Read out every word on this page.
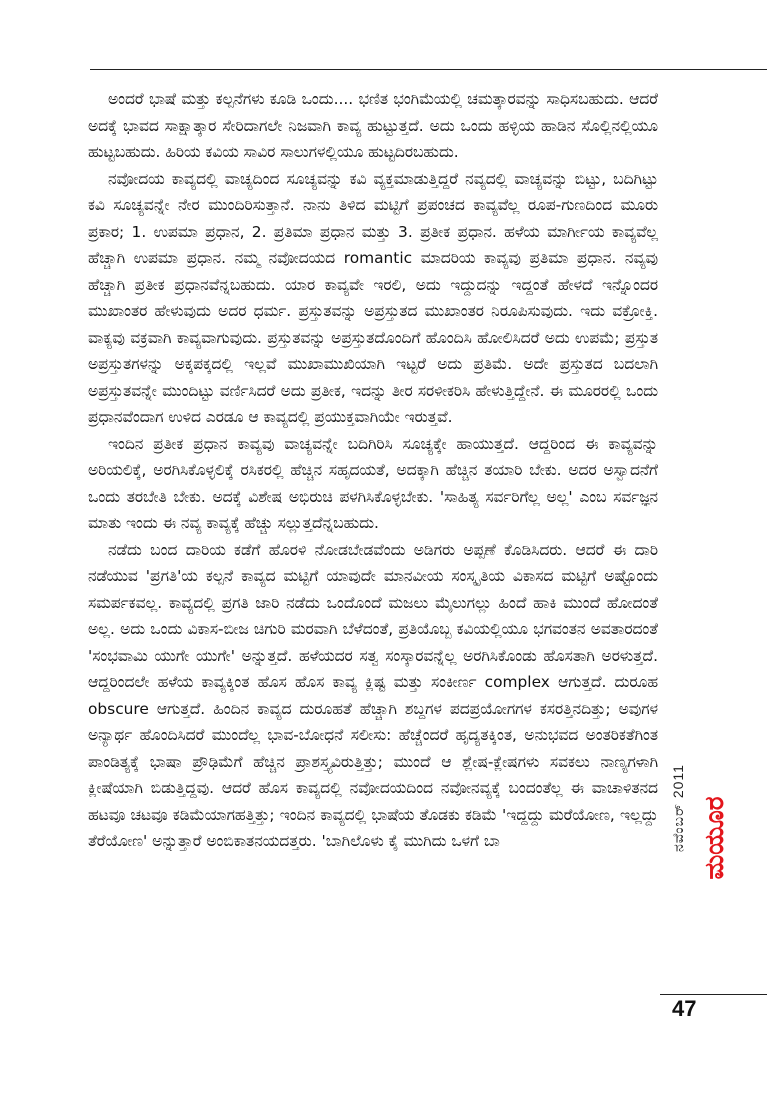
ಅಂದರೆ ಭಾಷೆ ಮತ್ತು ಕಲ್ಪನೆಗಳು ಕೂಡಿ ಒಂದು.... ಭಣಿತ ಭಂಗಿಮೆಯಲ್ಲಿ ಚಮತ್ಕಾರವನ್ನು ಸಾಧಿಸಬಹುದು. ಆದರೆ ಅದಕ್ಕೆ ಭಾವದ ಸಾಕ್ಷಾತ್ಕಾರ ಸೇರಿದಾಗಲೇ ನಿಜವಾಗಿ ಕಾವ್ಯ ಹುಟ್ಟುತ್ತದೆ. ಅದು ಒಂದು ಹಳ್ಳಿಯ ಹಾಡಿನ ಸೊಲ್ಲಿನಲ್ಲಿಯೂ ಹುಟ್ಟಬಹುದು. ಹಿರಿಯ ಕವಿಯ ಸಾವಿರ ಸಾಲುಗಳಲ್ಲಿಯೂ ಹುಟ್ಟದಿರಬಹುದು.

ನವೋದಯ ಕಾವ್ಯದಲ್ಲಿ ವಾಚ್ಯದಿಂದ ಸೂಚ್ಯವನ್ನು ಕವಿ ವ್ಯಕ್ತಮಾಡುತ್ತಿದ್ದರೆ ನವ್ಯದಲ್ಲಿ ವಾಚ್ಯವನ್ನು ಬಿಟ್ಟು, ಬದಿಗಿಟ್ಟು ಕವಿ ಸೂಚ್ಯವನ್ನೇ ನೇರ ಮುಂದಿರಿಸುತ್ತಾನೆ. ನಾನು ತಿಳಿದ ಮಟ್ಟಿಗೆ ಪ್ರಪಂಚದ ಕಾವ್ಯವೆಲ್ಲ ರೂಪ-ಗುಣದಿಂದ ಮೂರು ಪ್ರಕಾರ; 1. ಉಪಮಾ ಪ್ರಧಾನ, 2. ಪ್ರತಿಮಾ ಪ್ರಧಾನ ಮತ್ತು 3. ಪ್ರತೀಕ ಪ್ರಧಾನ. ಹಳೆಯ ಮಾರ್ಗೀಯ ಕಾವ್ಯವೆಲ್ಲ ಹೆಚ್ಚಾಗಿ ಉಪಮಾ ಪ್ರಧಾನ. ನಮ್ಮ ನವೋದಯದ romantic ಮಾದರಿಯ ಕಾವ್ಯವು ಪ್ರತಿಮಾ ಪ್ರಧಾನ. ನವ್ಯವು ಹೆಚ್ಚಾಗಿ ಪ್ರತೀಕ ಪ್ರಧಾನವೆನ್ನಬಹುದು. ಯಾರ ಕಾವ್ಯವೇ ಇರಲಿ, ಅದು ಇದ್ದುದನ್ನು ಇದ್ದಂತೆ ಹೇಳದೆ ಇನ್ನೊಂದರ ಮುಖಾಂತರ ಹೇಳುವುದು ಅದರ ಧರ್ಮ. ಪ್ರಸ್ತುತವನ್ನು ಅಪ್ರಸ್ತುತದ ಮುಖಾಂತರ ನಿರೂಪಿಸುವುದು. ಇದು ವಕ್ರೋಕ್ತಿ. ವಾಕ್ಯವು ವಕ್ರವಾಗಿ ಕಾವ್ಯವಾಗುವುದು. ಪ್ರಸ್ತುತವನ್ನು ಅಪ್ರಸ್ತುತದೊಂದಿಗೆ ಹೊಂದಿಸಿ ಹೋಲಿಸಿದರೆ ಅದು ಉಪಮೆ; ಪ್ರಸ್ತುತ ಅಪ್ರಸ್ತುತಗಳನ್ನು ಅಕ್ಕಪಕ್ಕದಲ್ಲಿ ಇಲ್ಲವೆ ಮುಖಾಮುಖಿಯಾಗಿ ಇಟ್ಟರೆ ಅದು ಪ್ರತಿಮೆ. ಅದೇ ಪ್ರಸ್ತುತದ ಬದಲಾಗಿ ಅಪ್ರಸ್ತುತವನ್ನೇ ಮುಂದಿಟ್ಟು ವರ್ಣಿಸಿದರೆ ಅದು ಪ್ರತೀಕ, ಇದನ್ನು ತೀರ ಸರಳೀಕರಿಸಿ ಹೇಳುತ್ತಿದ್ದೇನೆ. ಈ ಮೂರರಲ್ಲಿ ಒಂದು ಪ್ರಧಾನವೆಂದಾಗ ಉಳಿದ ಎರಡೂ ಆ ಕಾವ್ಯದಲ್ಲಿ ಪ್ರಯುಕ್ತವಾಗಿಯೇ ಇರುತ್ತವೆ.

ಇಂದಿನ ಪ್ರತೀಕ ಪ್ರಧಾನ ಕಾವ್ಯವು ವಾಚ್ಯವನ್ನೇ ಬದಿಗಿರಿಸಿ ಸೂಚ್ಯಕ್ಕೇ ಹಾಯುತ್ತದೆ. ಆದ್ದರಿಂದ ಈ ಕಾವ್ಯವನ್ನು ಅರಿಯಲಿಕ್ಕೆ, ಅರಗಿಸಿಕೊಳ್ಳಲಿಕ್ಕೆ ರಸಿಕರಲ್ಲಿ ಹೆಚ್ಚಿನ ಸಹೃದಯತೆ, ಅದಕ್ಕಾಗಿ ಹೆಚ್ಚಿನ ತಯಾರಿ ಬೇಕು. ಅದರ ಅಸ್ವಾದನೆಗೆ ಒಂದು ತರಬೇತಿ ಬೇಕು. ಅದಕ್ಕೆ ವಿಶೇಷ ಅಭಿರುಚಿ ಪಳಗಿಸಿಕೊಳ್ಳಬೇಕು. 'ಸಾಹಿತ್ಯ ಸರ್ವರಿಗೆಲ್ಲ ಅಲ್ಲ' ಎಂಬ ಸರ್ವಜ್ಞನ ಮಾತು ಇಂದು ಈ ನವ್ಯ ಕಾವ್ಯಕ್ಕೆ ಹೆಚ್ಚು ಸಲ್ಲುತ್ತದೆನ್ನಬಹುದು.

ನಡೆದು ಬಂದ ದಾರಿಯ ಕಡೆಗೆ ಹೊರಳಿ ನೋಡಬೇಡವೆಂದು ಅಡಿಗರು ಅಪ್ಪಣೆ ಕೊಡಿಸಿದರು. ಆದರೆ ಈ ದಾರಿ ನಡೆಯುವ 'ಪ್ರಗತಿ'ಯ ಕಲ್ಪನೆ ಕಾವ್ಯದ ಮಟ್ಟಿಗೆ ಯಾವುದೇ ಮಾನವೀಯ ಸಂಸ್ಕೃತಿಯ ವಿಕಾಸದ ಮಟ್ಟಿಗೆ ಅಷ್ಟೊಂದು ಸಮರ್ಪಕವಲ್ಲ. ಕಾವ್ಯದಲ್ಲಿ ಪ್ರಗತಿ ಜಾರಿ ನಡೆದು ಒಂದೊಂದೆ ಮಜಲು ಮೈಲುಗಲ್ಲು ಹಿಂದೆ ಹಾಕಿ ಮುಂದೆ ಹೋದಂತೆ ಅಲ್ಲ. ಅದು ಒಂದು ವಿಕಾಸ-ಬೀಜ ಚಿಗುರಿ ಮರವಾಗಿ ಬೆಳೆದಂತೆ, ಪ್ರತಿಯೊಬ್ಬ ಕವಿಯಲ್ಲಿಯೂ ಭಗವಂತನ ಅವತಾರದಂತೆ 'ಸಂಭವಾಮಿ ಯುಗೇ ಯುಗೇ' ಅನ್ನುತ್ತದೆ. ಹಳೆಯದರ ಸತ್ವ ಸಂಸ್ಕಾರವನ್ನೆಲ್ಲ ಅರಗಿಸಿಕೊಂಡು ಹೊಸತಾಗಿ ಅರಳುತ್ತದೆ. ಆದ್ದರಿಂದಲೇ ಹಳೆಯ ಕಾವ್ಯಕ್ಕಿಂತ ಹೊಸ ಹೊಸ ಕಾವ್ಯ ಕ್ಲಿಷ್ಟ ಮತ್ತು ಸಂಕೀರ್ಣ complex ಆಗುತ್ತದೆ. ದುರೂಹ obscure ಆಗುತ್ತದೆ. ಹಿಂದಿನ ಕಾವ್ಯದ ದುರೂಹತೆ ಹೆಚ್ಚಾಗಿ ಶಬ್ದಗಳ ಪದಪ್ರಯೋಗಗಳ ಕಸರತ್ತಿನದಿತ್ತು; ಅವುಗಳ ಅನ್ಯಾರ್ಥ ಹೊಂದಿಸಿದರೆ ಮುಂದೆಲ್ಲ ಭಾವ-ಬೋಧನೆ ಸಲೀಸು: ಹೆಚ್ಚೆಂದರೆ ಹೃದ್ಯತಕ್ಕಿಂತ, ಅನುಭವದ ಅಂತರಿಕತೆಗಿಂತ ಪಾಂಡಿತ್ಯಕ್ಕೆ ಭಾಷಾ ಪ್ರೌಢಿಮೆಗೆ ಹೆಚ್ಚಿನ ಪ್ರಾಶಸ್ತ್ಯವಿರುತ್ತಿತ್ತು; ಮುಂದೆ ಆ ಶ್ಲೇಷ-ಕ್ಲೇಷಗಳು ಸವಕಲು ನಾಣ್ಯಗಳಾಗಿ ಕ್ಲೀಷೆಯಾಗಿ ಬಿಡುತ್ತಿದ್ದವು. ಆದರೆ ಹೊಸ ಕಾವ್ಯದಲ್ಲಿ ನವೋದಯದಿಂದ ನವೋನವ್ಯಕ್ಕೆ ಬಂದಂತೆಲ್ಲ ಈ ವಾಚಾಳಿತನದ ಹಟವೂ ಚಟವೂ ಕಡಿಮೆಯಾಗಹತ್ತಿತ್ತು; ಇಂದಿನ ಕಾವ್ಯದಲ್ಲಿ ಭಾಷೆಯ ತೊಡಕು ಕಡಿಮೆ 'ಇದ್ದದ್ದು ಮರೆಯೋಣ, ಇಲ್ಲದ್ದು ತೆರೆಯೋಣ' ಅನ್ನುತ್ತಾರೆ ಅಂಬಿಕಾತನಯದತ್ತರು. 'ಬಾಗಿಲೊಳು ಕೈ ಮುಗಿದು ಒಳಗೆ ಬಾ	ನವೆಂಬರ್ 2011 ಮಯೂರ
47
